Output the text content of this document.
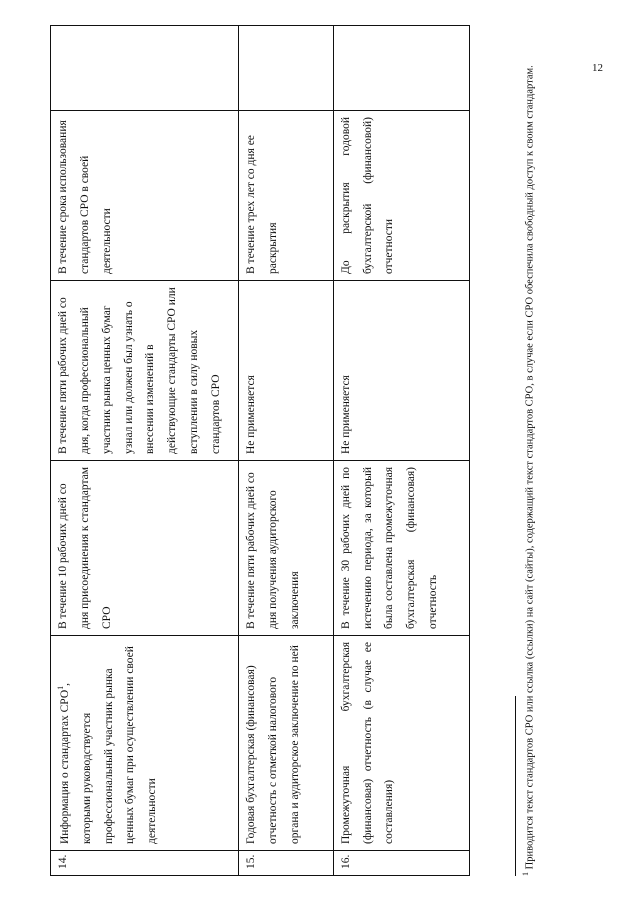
12
14.	Информация о стандартах СРО$^1$, которыми руководствуется профессиональный участник рынка ценных бумаг при осуществлении своей деятельности	В течение 10 рабочих дней со дня присоединения к стандартам СРО	В течение пяти рабочих дней со дня, когда профессиональный участник рынка ценных бумаг узнал или должен был узнать о внесении изменений в действующие стандарты СРО или вступлении в силу новых стандартов СРО	В течение срока использования стандартов СРО в своей деятельности	
15.	Годовая бухгалтерская (финансовая) отчетность с отметкой налогового органа и аудиторское заключение по ней	В течение пяти рабочих дней со дня получения аудиторского заключения	Не применяется	В течение трех лет со дня ее раскрытия	
16.	Промежуточная бухгалтерская (финансовая) отчетность (в случае ее составления)	В течение 30 рабочих дней по истечению периода, за который была составлена промежуточная бухгалтерская (финансовая) отчетность	Не применяется	До раскрытия годовой бухгалтерской (финансовой) отчетности	
$^1$ Приводится текст стандартов СРО или ссылка (ссылки) на сайт (сайты), содержащий текст стандартов СРО, в случае если СРО обеспечила свободный доступ к своим стандартам.
